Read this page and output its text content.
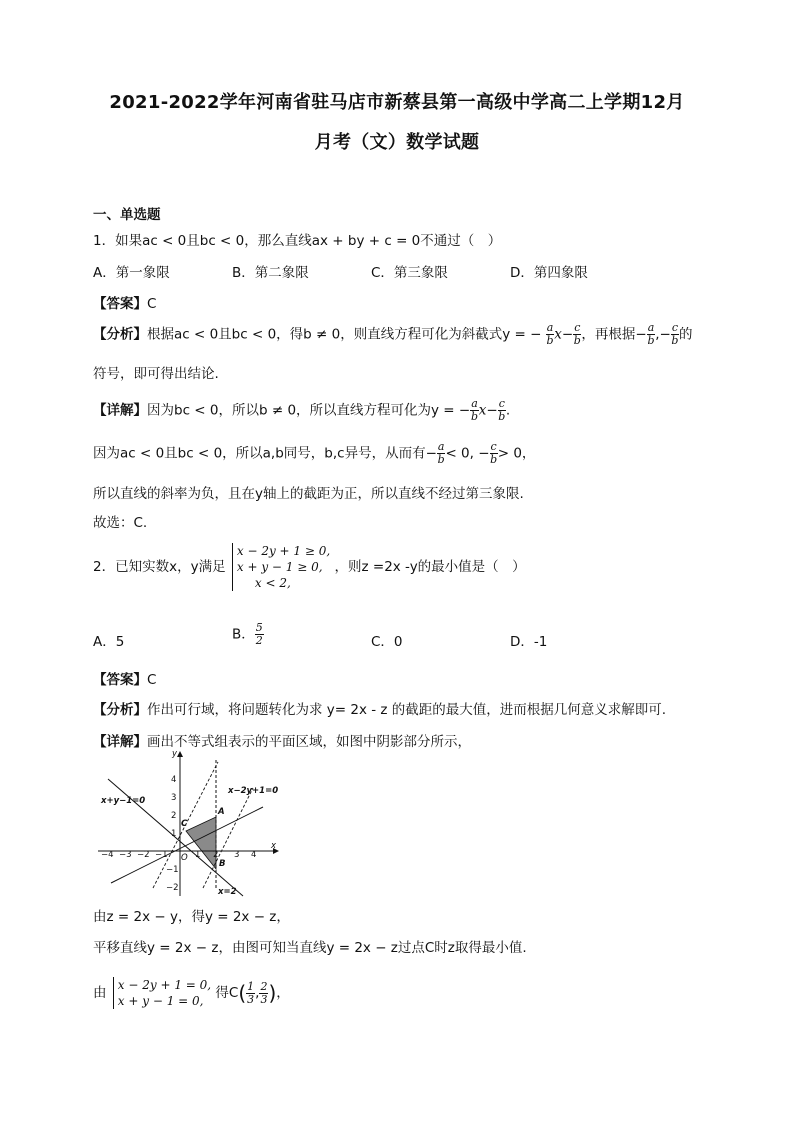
2021-2022学年河南省驻马店市新蔡县第一高级中学高二上学期12月
月考（文）数学试题
一、单选题
1．如果ac < 0且bc < 0，那么直线ax + by + c = 0不通过（　）
A．第一象限	B．第二象限	C．第三象限	D．第四象限
【答案】C
【分析】根据ac < 0且bc < 0，得b ≠ 0，则直线方程可化为斜截式y = − $\frac{a}{b} x- \frac{c}{b}$ ，再根据− $\frac{a}{b}$ ,− $\frac{c}{b}$ 的
符号，即可得出结论.
【详解】因为bc < 0，所以b ≠ 0，所以直线方程可化为y = − $\frac{a}{b} x- \frac{c}{b}$ .
因为ac < 0且bc < 0，所以a,b同号，b,c异号，从而有− $\frac{a}{b} < 0$, − $\frac{c}{b} > 0$，
所以直线的斜率为负，且在y轴上的截距为正，所以直线不经过第三象限.
故选：C.
2．已知实数x，y满足
x − 2y + 1 ≥ 0,
x + y − 1 ≥ 0,
x < 2,
，则z =2x -y的最小值是（　）
A．5	B． $\frac{5}{2}$	C．0	D．-1
【答案】C
【分析】作出可行域，将问题转化为求 y= 2x - z 的截距的最大值，进而根据几何意义求解即可.
【详解】画出不等式组表示的平面区域，如图中阴影部分所示，
−4 −3 −2 −1	1 2 3 4
4
3
2
1
−1
−2
O
x
y
A
B
C
x+y−1=0
x−2y+1=0
x=2
由z = 2x − y，得y = 2x − z，
平移直线y = 2x − z，由图可知当直线y = 2x − z过点C时z取得最小值.
由 x − 2y + 1 = 0,
x + y − 1 = 0, 得$C( \frac{1}{3}$ , $\frac{2}{3}$ )，
